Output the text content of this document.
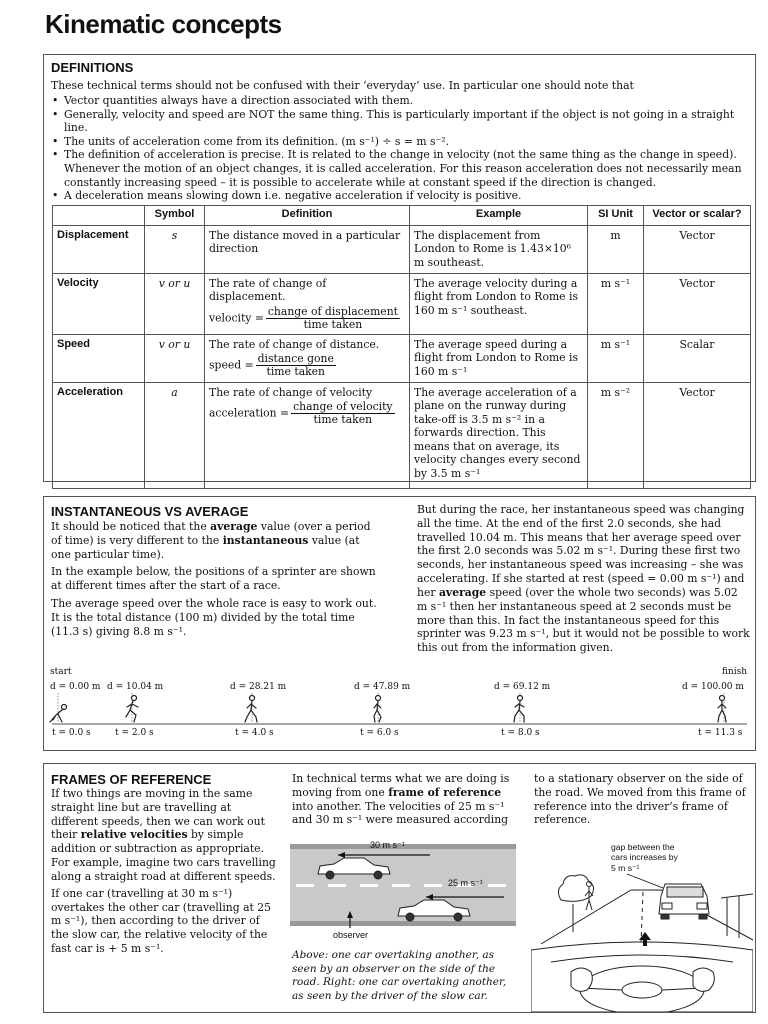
Kinematic concepts
DEFINITIONS
These technical terms should not be confused with their ‘everyday’ use. In particular one should note that
• Vector quantities always have a direction associated with them.
• Generally, velocity and speed are NOT the same thing. This is particularly important if the object is not going in a straight line.
• The units of acceleration come from its definition. (m s⁻¹) ÷ s = m s⁻².
• The definition of acceleration is precise. It is related to the change in velocity (not the same thing as the change in speed). Whenever the motion of an object changes, it is called acceleration. For this reason acceleration does not necessarily mean constantly increasing speed – it is possible to accelerate while at constant speed if the direction is changed.
• A deceleration means slowing down i.e. negative acceleration if velocity is positive.
	Symbol	Definition	Example	SI Unit	Vector or scalar?
Displacement	s	The distance moved in a particular direction	The displacement from London to Rome is 1.43×10⁶ m southeast.	m	Vector
Velocity	v or u	The rate of change of displacement.
velocity = $\frac{\text{change of displacement}}{\text{time taken}}$	The average velocity during a flight from London to Rome is 160 m s⁻¹ southeast.	m s⁻¹	Vector
Speed	v or u	The rate of change of distance.
speed = $\frac{\text{distance gone}}{\text{time taken}}$	The average speed during a flight from London to Rome is 160 m s⁻¹	m s⁻¹	Scalar
Acceleration	a	The rate of change of velocity
acceleration = $\frac{\text{change of velocity}}{\text{time taken}}$	The average acceleration of a plane on the runway during take-off is 3.5 m s⁻² in a forwards direction. This means that on average, its velocity changes every second by 3.5 m s⁻¹	m s⁻²	Vector
INSTANTANEOUS VS AVERAGE

It should be noticed that the average value (over a period of time) is very different to the instantaneous value (at one particular time).

In the example below, the positions of a sprinter are shown at different times after the start of a race.

The average speed over the whole race is easy to work out. It is the total distance (100 m) divided by the total time (11.3 s) giving 8.8 m s⁻¹.

But during the race, her instantaneous speed was changing all the time. At the end of the first 2.0 seconds, she had travelled 10.04 m. This means that her average speed over the first 2.0 seconds was 5.02 m s⁻¹. During these first two seconds, her instantaneous speed was increasing – she was accelerating. If she started at rest (speed = 0.00 m s⁻¹) and her average speed (over the whole two seconds) was 5.02 m s⁻¹ then her instantaneous speed at 2 seconds must be more than this. In fact the instantaneous speed for this sprinter was 9.23 m s⁻¹, but it would not be possible to work this out from the information given.
start	finish
d = 0.00 m d = 10.04 m	d = 28.21 m	d = 47.89 m	d = 69.12 m	d = 100.00 m
t = 0.0 s	t = 2.0 s	t = 4.0 s	t = 6.0 s	t = 8.0 s	t = 11.3 s
FRAMES OF REFERENCE

If two things are moving in the same straight line but are travelling at different speeds, then we can work out their relative velocities by simple addition or subtraction as appropriate. For example, imagine two cars travelling along a straight road at different speeds.

If one car (travelling at 30 m s⁻¹) overtakes the other car (travelling at 25 m s⁻¹), then according to the driver of the slow car, the relative velocity of the fast car is + 5 m s⁻¹.

In technical terms what we are doing is moving from one frame of reference into another. The velocities of 25 m s⁻¹ and 30 m s⁻¹ were measured according
to a stationary observer on the side of the road. We moved from this frame of reference into the driver’s frame of reference.
30 m s⁻¹
25 m s⁻¹
observer
Above: one car overtaking another, as seen by an observer on the side of the road. Right: one car overtaking another, as seen by the driver of the slow car.
gap between the cars increases by 5 m s⁻¹
